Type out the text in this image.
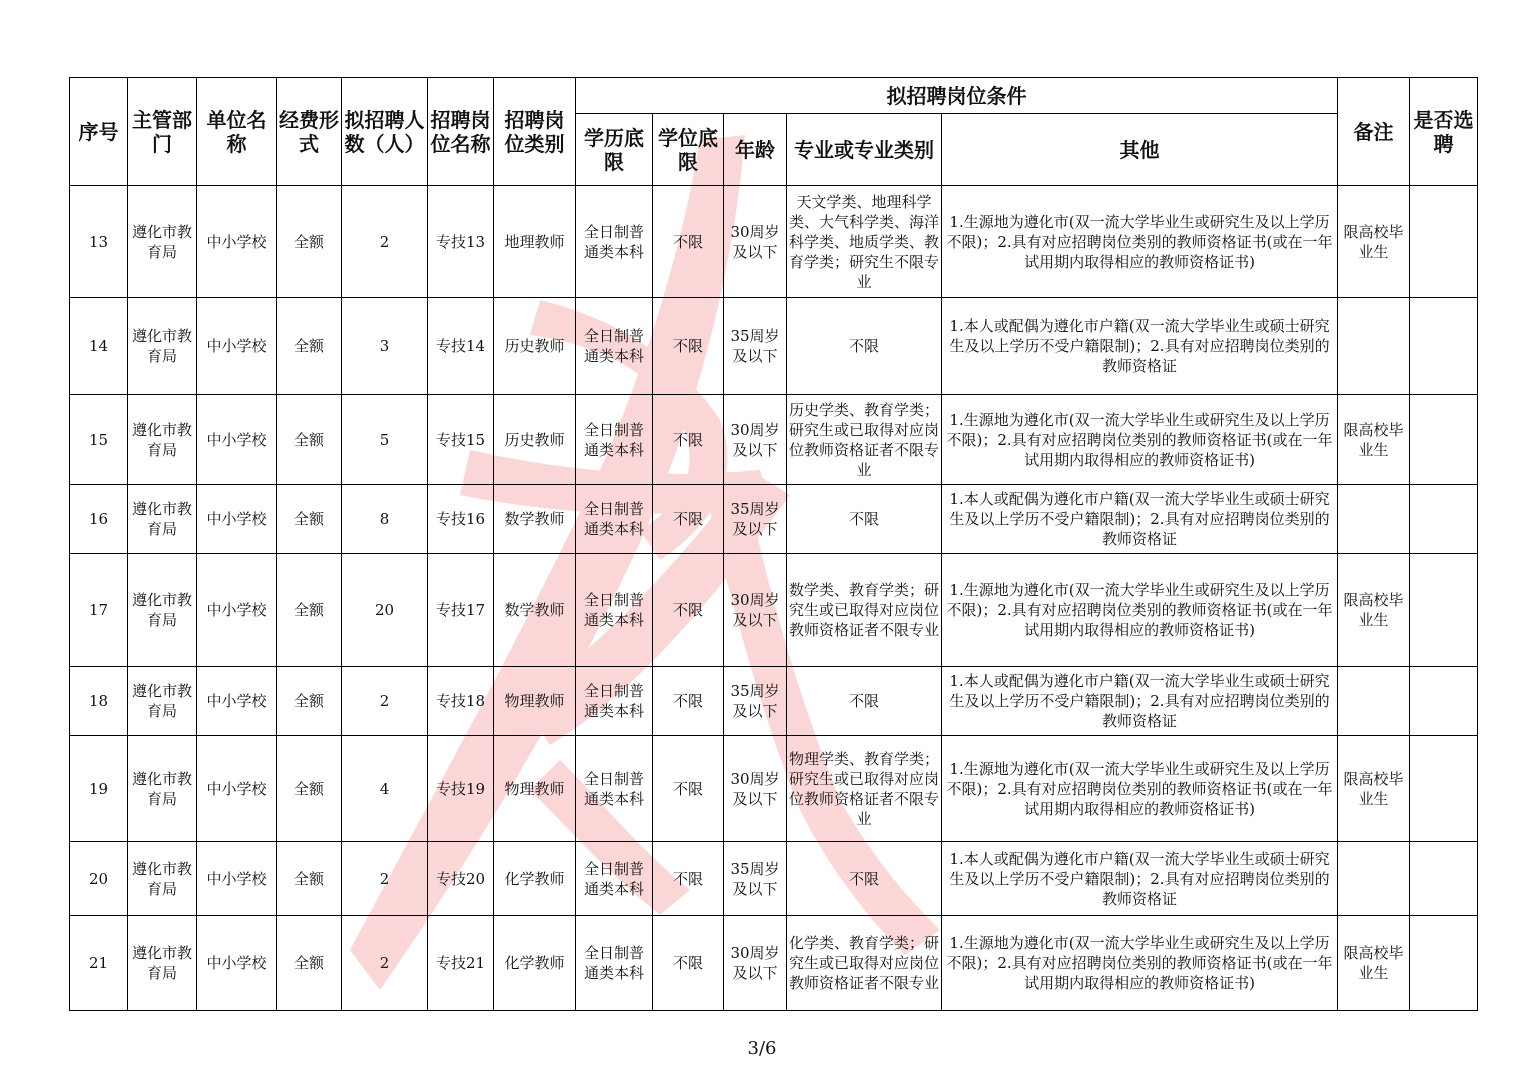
序号	主管部门	单位名称	经费形式	拟招聘人数（人）	招聘岗位名称	招聘岗位类别	拟招聘岗位条件					备注	是否选聘
							学历底限	学位底限	年龄	专业或专业类别	其他		
13	遵化市教育局	中小学校	全额	2	专技13	地理教师	全日制普通类本科	不限	30周岁及以下	天文学类、地理科学类、大气科学类、海洋科学类、地质学类、教育学类；研究生不限专业	1.生源地为遵化市(双一流大学毕业生或研究生及以上学历不限)；2.具有对应招聘岗位类别的教师资格证书(或在一年试用期内取得相应的教师资格证书)	限高校毕业生	
14	遵化市教育局	中小学校	全额	3	专技14	历史教师	全日制普通类本科	不限	35周岁及以下	不限	1.本人或配偶为遵化市户籍(双一流大学毕业生或硕士研究生及以上学历不受户籍限制)；2.具有对应招聘岗位类别的教师资格证		
15	遵化市教育局	中小学校	全额	5	专技15	历史教师	全日制普通类本科	不限	30周岁及以下	历史学类、教育学类；研究生或已取得对应岗位教师资格证者不限专业	1.生源地为遵化市(双一流大学毕业生或研究生及以上学历不限)；2.具有对应招聘岗位类别的教师资格证书(或在一年试用期内取得相应的教师资格证书)	限高校毕业生	
16	遵化市教育局	中小学校	全额	8	专技16	数学教师	全日制普通类本科	不限	35周岁及以下	不限	1.本人或配偶为遵化市户籍(双一流大学毕业生或硕士研究生及以上学历不受户籍限制)；2.具有对应招聘岗位类别的教师资格证		
17	遵化市教育局	中小学校	全额	20	专技17	数学教师	全日制普通类本科	不限	30周岁及以下	数学类、教育学类；研究生或已取得对应岗位教师资格证者不限专业	1.生源地为遵化市(双一流大学毕业生或研究生及以上学历不限)；2.具有对应招聘岗位类别的教师资格证书(或在一年试用期内取得相应的教师资格证书)	限高校毕业生	
18	遵化市教育局	中小学校	全额	2	专技18	物理教师	全日制普通类本科	不限	35周岁及以下	不限	1.本人或配偶为遵化市户籍(双一流大学毕业生或硕士研究生及以上学历不受户籍限制)；2.具有对应招聘岗位类别的教师资格证		
19	遵化市教育局	中小学校	全额	4	专技19	物理教师	全日制普通类本科	不限	30周岁及以下	物理学类、教育学类；研究生或已取得对应岗位教师资格证者不限专业	1.生源地为遵化市(双一流大学毕业生或研究生及以上学历不限)；2.具有对应招聘岗位类别的教师资格证书(或在一年试用期内取得相应的教师资格证书)	限高校毕业生	
20	遵化市教育局	中小学校	全额	2	专技20	化学教师	全日制普通类本科	不限	35周岁及以下	不限	1.本人或配偶为遵化市户籍(双一流大学毕业生或硕士研究生及以上学历不受户籍限制)；2.具有对应招聘岗位类别的教师资格证		
21	遵化市教育局	中小学校	全额	2	专技21	化学教师	全日制普通类本科	不限	30周岁及以下	化学类、教育学类；研究生或已取得对应岗位教师资格证者不限专业	1.生源地为遵化市(双一流大学毕业生或研究生及以上学历不限)；2.具有对应招聘岗位类别的教师资格证书(或在一年试用期内取得相应的教师资格证书)	限高校毕业生	
3/6
